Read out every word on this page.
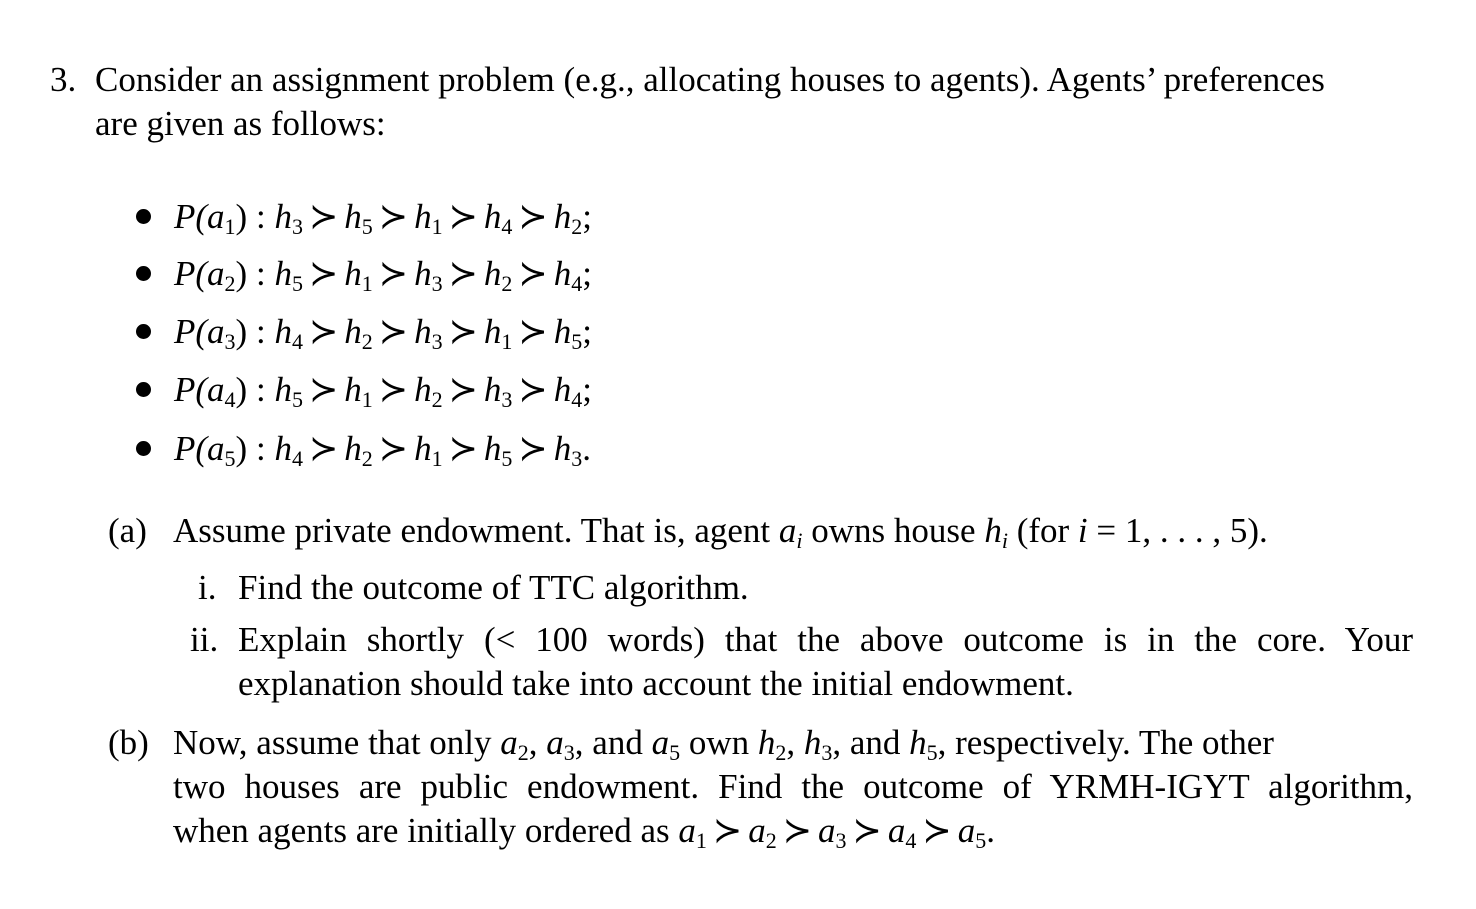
3. Consider an assignment problem (e.g., allocating houses to agents). Agents’ preferences
are given as follows:
$P(a_1)$ : $h_3$ ≻ $h_5$ ≻ $h_1$ ≻ $h_4$ ≻ $h_2$;
$P(a_2)$ : $h_5$ ≻ $h_1$ ≻ $h_3$ ≻ $h_2$ ≻ $h_4$;
$P(a_3)$ : $h_4$ ≻ $h_2$ ≻ $h_3$ ≻ $h_1$ ≻ $h_5$;
$P(a_4)$ : $h_5$ ≻ $h_1$ ≻ $h_2$ ≻ $h_3$ ≻ $h_4$;
$P(a_5)$ : $h_4$ ≻ $h_2$ ≻ $h_1$ ≻ $h_5$ ≻ $h_3$.
(a) Assume private endowment. That is, agent $a_i$ owns house $h_i$ (for i = 1, . . . , 5).
i. Find the outcome of TTC algorithm.
ii. Explain shortly (< 100 words) that the above outcome is in the core. Your
explanation should take into account the initial endowment.
(b) Now, assume that only $a_2$, $a_3$, and $a_5$ own $h_2$, $h_3$, and $h_5$, respectively. The other
two houses are public endowment. Find the outcome of YRMH-IGYT algorithm,
when agents are initially ordered as $a_1$ ≻ $a_2$ ≻ $a_3$ ≻ $a_4$ ≻ $a_5$.
